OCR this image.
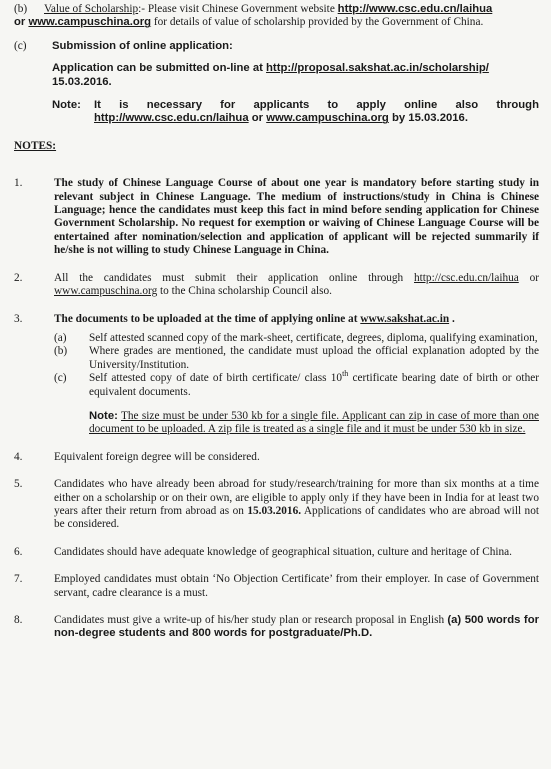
(b)	Value of Scholarship:- Please visit Chinese Government website http://www.csc.edu.cn/laihua
or www.campuschina.org for details of value of scholarship provided by the Government of China.
(c)	Submission of online application:
Application can be submitted on-line at http://proposal.sakshat.ac.in/scholarship/
15.03.2016.
Note:	It is necessary for applicants to apply online also through http://www.csc.edu.cn/laihua or www.campuschina.org by 15.03.2016.
NOTES:
1.	The study of Chinese Language Course of about one year is mandatory before starting study in relevant subject in Chinese Language. The medium of instructions/study in China is Chinese Language; hence the candidates must keep this fact in mind before sending application for Chinese Government Scholarship. No request for exemption or waiving of Chinese Language Course will be entertained after nomination/selection and application of applicant will be rejected summarily if he/she is not willing to study Chinese Language in China.

2.	All the candidates must submit their application online through http://csc.edu.cn/laihua or www.campuschina.org to the China scholarship Council also.

3.	The documents to be uploaded at the time of applying online at www.sakshat.ac.in .

(a)	Self attested scanned copy of the mark-sheet, certificate, degrees, diploma, qualifying examination,

(b)	Where grades are mentioned, the candidate must upload the official explanation adopted by the University/Institution.

(c)	Self attested copy of date of birth certificate/ class 10th certificate bearing date of birth or other equivalent documents.

Note: The size must be under 530 kb for a single file. Applicant can zip in case of more than one document to be uploaded. A zip file is treated as a single file and it must be under 530 kb in size.
4.	Equivalent foreign degree will be considered.

5.	Candidates who have already been abroad for study/research/training for more than six months at a time either on a scholarship or on their own, are eligible to apply only if they have been in India for at least two years after their return from abroad as on 15.03.2016. Applications of candidates who are abroad will not be considered.

6.	Candidates should have adequate knowledge of geographical situation, culture and heritage of China.

7.	Employed candidates must obtain ‘No Objection Certificate’ from their employer. In case of Government servant, cadre clearance is a must.

8.	Candidates must give a write-up of his/her study plan or research proposal in English (a) 500 words for non-degree students and 800 words for postgraduate/Ph.D.
